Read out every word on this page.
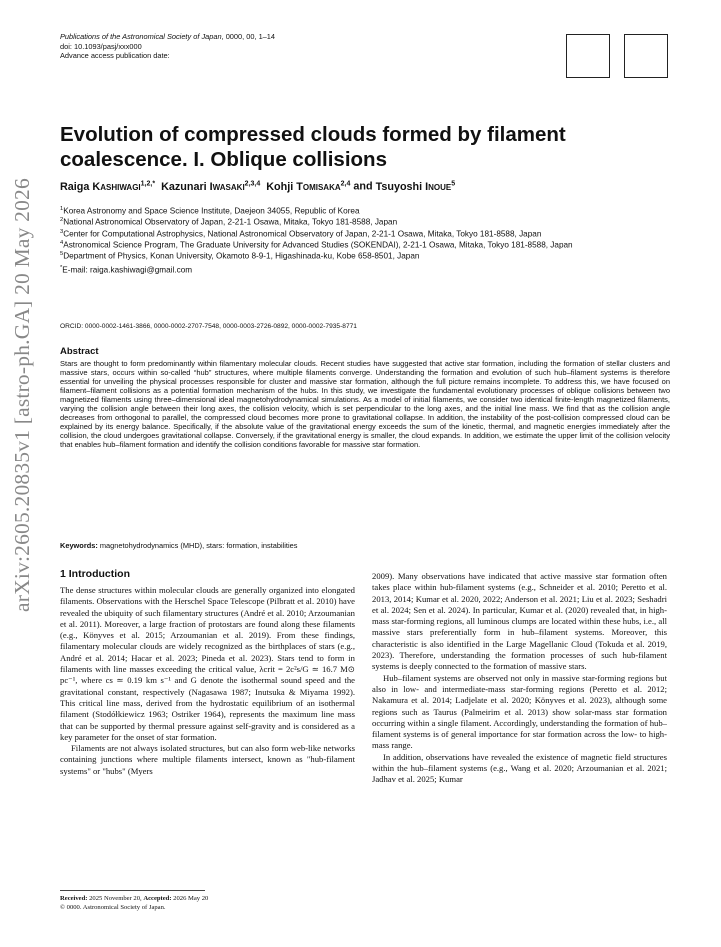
Publications of the Astronomical Society of Japan, 0000, 00, 1–14
doi: 10.1093/pasj/xxx000
Advance access publication date:
arXiv:2605.20835v1 [astro-ph.GA] 20 May 2026
Evolution of compressed clouds formed by filament coalescence. I. Oblique collisions
Raiga Kashiwagi$^{1,2,*}$ Kazunari Iwasaki$^{2,3,4}$ Kohji Tomisaka$^{2,4}$ and Tsuyoshi Inoue$^5$
$^1$Korea Astronomy and Space Science Institute, Daejeon 34055, Republic of Korea
$^2$National Astronomical Observatory of Japan, 2-21-1 Osawa, Mitaka, Tokyo 181-8588, Japan
$^3$Center for Computational Astrophysics, National Astronomical Observatory of Japan, 2-21-1 Osawa, Mitaka, Tokyo 181-8588, Japan
$^4$Astronomical Science Program, The Graduate University for Advanced Studies (SOKENDAI), 2-21-1 Osawa, Mitaka, Tokyo 181-8588, Japan
$^5$Department of Physics, Konan University, Okamoto 8-9-1, Higashinada-ku, Kobe 658-8501, Japan
*E-mail: raiga.kashiwagi@gmail.com
ORCID: 0000-0002-1461-3866, 0000-0002-2707-7548, 0000-0003-2726-0892, 0000-0002-7935-8771
Abstract
Stars are thought to form predominantly within filamentary molecular clouds. Recent studies have suggested that active star formation, including the formation of stellar clusters and massive stars, occurs within so-called “hub” structures, where multiple filaments converge. Understanding the formation and evolution of such hub–filament systems is therefore essential for unveiling the physical processes responsible for cluster and massive star formation, although the full picture remains incomplete. To address this, we have focused on filament–filament collisions as a potential formation mechanism of the hubs. In this study, we investigate the fundamental evolutionary processes of oblique collisions between two magnetized filaments using three–dimensional ideal magnetohydrodynamical simulations. As a model of initial filaments, we consider two identical finite-length magnetized filaments, varying the collision angle between their long axes, the collision velocity, which is set perpendicular to the long axes, and the initial line mass. We find that as the collision angle decreases from orthogonal to parallel, the compressed cloud becomes more prone to gravitational collapse. In addition, the instability of the post-collision compressed cloud can be explained by its energy balance. Specifically, if the absolute value of the gravitational energy exceeds the sum of the kinetic, thermal, and magnetic energies immediately after the collision, the cloud undergoes gravitational collapse. Conversely, if the gravitational energy is smaller, the cloud expands. In addition, we estimate the upper limit of the collision velocity that enables hub–filament formation and identify the collision conditions favorable for massive star formation.
Keywords: magnetohydrodynamics (MHD), stars: formation, instabilities
1 Introduction

The dense structures within molecular clouds are generally organized into elongated filaments. Observations with the Herschel Space Telescope (Pilbratt et al. 2010) have revealed the ubiquity of such filamentary structures (André et al. 2010; Arzoumanian et al. 2011). Moreover, a large fraction of protostars are found along these filaments (e.g., Könyves et al. 2015; Arzoumanian et al. 2019). From these findings, filamentary molecular clouds are widely recognized as the birthplaces of stars (e.g., André et al. 2014; Hacar et al. 2023; Pineda et al. 2023). Stars tend to form in filaments with line masses exceeding the critical value, λcrit = 2c²s/G ≃ 16.7 M⊙ pc⁻¹, where cs ≃ 0.19 km s⁻¹ and G denote the isothermal sound speed and the gravitational constant, respectively (Nagasawa 1987; Inutsuka & Miyama 1992). This critical line mass, derived from the hydrostatic equilibrium of an isothermal filament (Stodółkiewicz 1963; Ostriker 1964), represents the maximum line mass that can be supported by thermal pressure against self-gravity and is considered as a key parameter for the onset of star formation.

Filaments are not always isolated structures, but can also form web-like networks containing junctions where multiple filaments intersect, known as "hub-filament systems" or "hubs" (Myers

2009). Many observations have indicated that active massive star formation often takes place within hub-filament systems (e.g., Schneider et al. 2010; Peretto et al. 2013, 2014; Kumar et al. 2020, 2022; Anderson et al. 2021; Liu et al. 2023; Seshadri et al. 2024; Sen et al. 2024). In particular, Kumar et al. (2020) revealed that, in high-mass star-forming regions, all luminous clumps are located within these hubs, i.e., all massive stars preferentially form in hub–filament systems. Moreover, this characteristic is also identified in the Large Magellanic Cloud (Tokuda et al. 2019, 2023). Therefore, understanding the formation processes of such hub-filament systems is deeply connected to the formation of massive stars.

Hub–filament systems are observed not only in massive star-forming regions but also in low- and intermediate-mass star-forming regions (Peretto et al. 2012; Nakamura et al. 2014; Ladjelate et al. 2020; Könyves et al. 2023), although some regions such as Taurus (Palmeirim et al. 2013) show solar-mass star formation occurring within a single filament. Accordingly, understanding the formation of hub–filament systems is of general importance for star formation across the low- to high-mass range.

In addition, observations have revealed the existence of magnetic field structures within the hub–filament systems (e.g., Wang et al. 2020; Arzoumanian et al. 2021; Jadhav et al. 2025; Kumar

Received: 2025 November 20, Accepted: 2026 May 20
© 0000. Astronomical Society of Japan.
